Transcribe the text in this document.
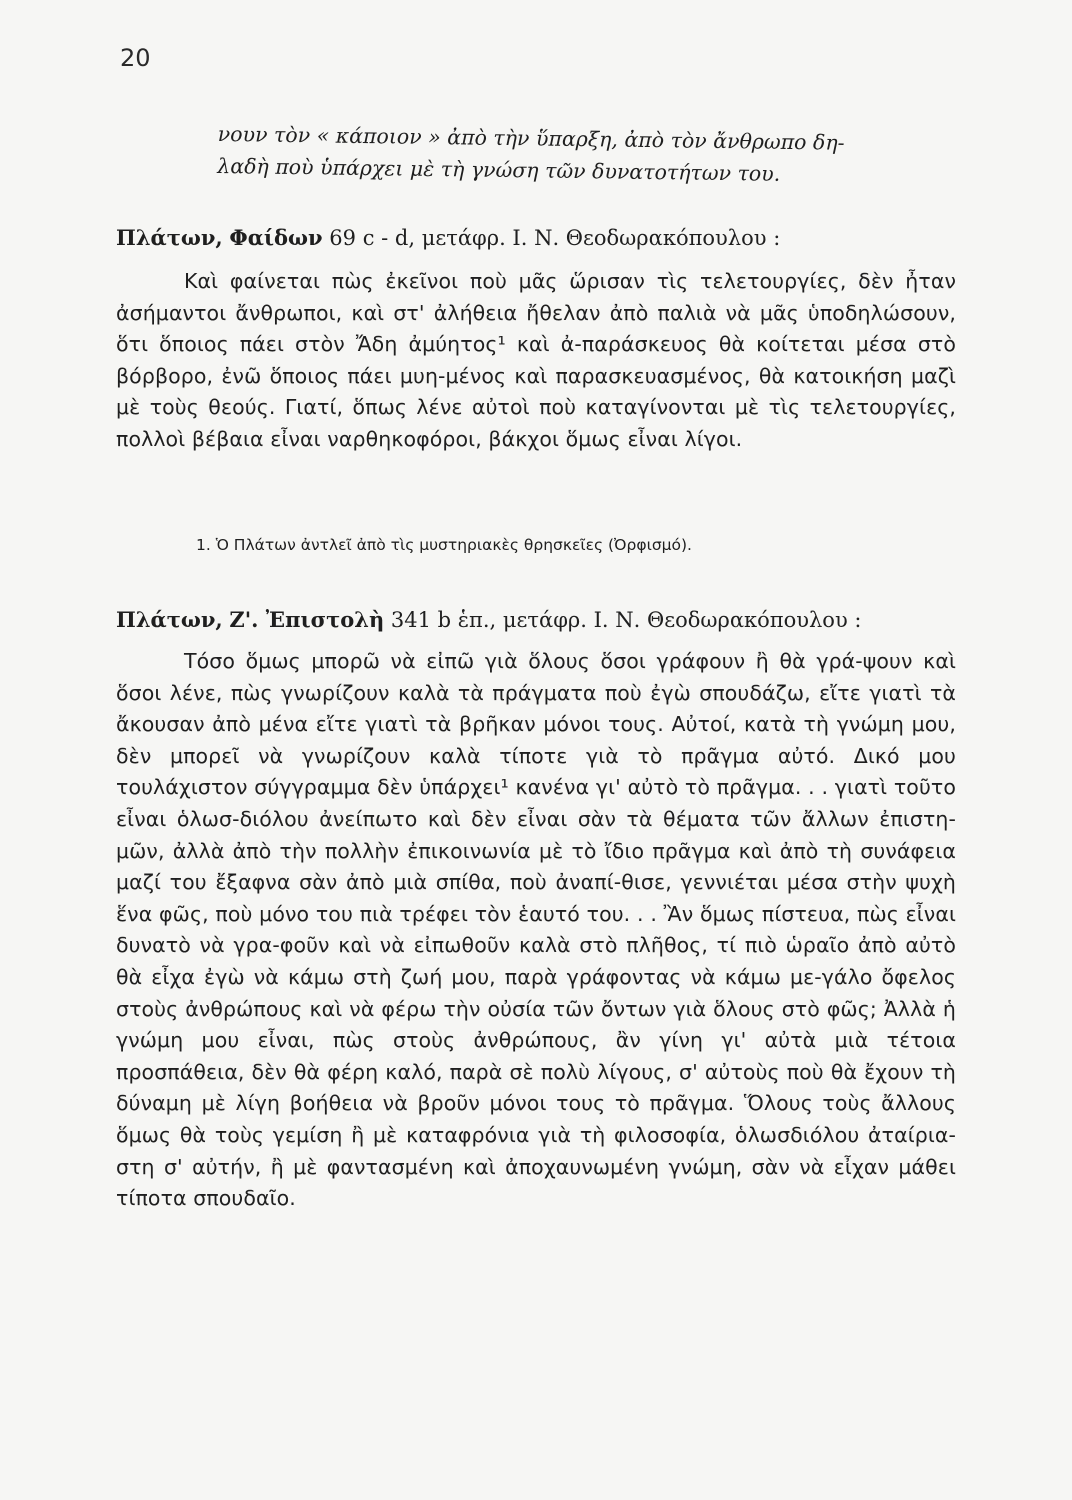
20

νουν τὸν « κάποιον » ἀπὸ τὴν ὕπαρξη, ἀπὸ τὸν ἄνθρωπο δη-

λαδὴ ποὺ ὑπάρχει μὲ τὴ γνώση τῶν δυνατοτήτων του.

Πλάτων, Φαίδων 69 c - d, μετάφρ. Ι. Ν. Θεοδωρακόπουλου :

Καὶ φαίνεται πὼς ἐκεῖνοι ποὺ μᾶς ὥρισαν τὶς τελετουργίες, δὲν ἦταν ἀσήμαντοι ἄνθρωποι, καὶ στ' ἀλήθεια ἤθελαν ἀπὸ παλιὰ νὰ μᾶς ὑποδηλώσουν, ὅτι ὅποιος πάει στὸν Ἄδη ἀμύητος¹ καὶ ἀ-παράσκευος θὰ κοίτεται μέσα στὸ βόρβορο, ἐνῶ ὅποιος πάει μυη-μένος καὶ παρασκευασμένος, θὰ κατοικήση μαζὶ μὲ τοὺς θεούς. Γιατί, ὅπως λένε αὐτοὶ ποὺ καταγίνονται μὲ τὶς τελετουργίες, πολλοὶ βέβαια εἶναι ναρθηκοφόροι, βάκχοι ὅμως εἶναι λίγοι.

1. Ὁ Πλάτων ἀντλεῖ ἀπὸ τὶς μυστηριακὲς θρησκεῖες (Ὀρφισμό).
Πλάτων, Ζ'. Ἐπιστολὴ 341 b ἑπ., μετάφρ. Ι. Ν. Θεοδωρακόπουλου :

Τόσο ὅμως μπορῶ νὰ εἰπῶ γιὰ ὅλους ὅσοι γράφουν ἢ θὰ γρά-ψουν καὶ ὅσοι λένε, πὼς γνωρίζουν καλὰ τὰ πράγματα ποὺ ἐγὼ σπουδάζω, εἴτε γιατὶ τὰ ἄκουσαν ἀπὸ μένα εἴτε γιατὶ τὰ βρῆκαν μόνοι τους. Αὐτοί, κατὰ τὴ γνώμη μου, δὲν μπορεῖ νὰ γνωρίζουν καλὰ τίποτε γιὰ τὸ πρᾶγμα αὐτό. Δικό μου τουλάχιστον σύγγραμμα δὲν ὑπάρχει¹ κανένα γι' αὐτὸ τὸ πρᾶγμα. . . γιατὶ τοῦτο εἶναι ὁλωσ-διόλου ἀνείπωτο καὶ δὲν εἶναι σὰν τὰ θέματα τῶν ἄλλων ἐπιστη-μῶν, ἀλλὰ ἀπὸ τὴν πολλὴν ἐπικοινωνία μὲ τὸ ἴδιο πρᾶγμα καὶ ἀπὸ τὴ συνάφεια μαζί του ἔξαφνα σὰν ἀπὸ μιὰ σπίθα, ποὺ ἀναπί-θισε, γεννιέται μέσα στὴν ψυχὴ ἕνα φῶς, ποὺ μόνο του πιὰ τρέφει τὸν ἑαυτό του. . . Ἂν ὅμως πίστευα, πὼς εἶναι δυνατὸ νὰ γρα-φοῦν καὶ νὰ εἰπωθοῦν καλὰ στὸ πλῆθος, τί πιὸ ὡραῖο ἀπὸ αὐτὸ θὰ εἶχα ἐγὼ νὰ κάμω στὴ ζωή μου, παρὰ γράφοντας νὰ κάμω με-γάλο ὄφελος στοὺς ἀνθρώπους καὶ νὰ φέρω τὴν οὐσία τῶν ὄντων γιὰ ὅλους στὸ φῶς; Ἀλλὰ ἡ γνώμη μου εἶναι, πὼς στοὺς ἀνθρώπους, ἂν γίνη γι' αὐτὰ μιὰ τέτοια προσπάθεια, δὲν θὰ φέρη καλό, παρὰ σὲ πολὺ λίγους, σ' αὐτοὺς ποὺ θὰ ἔχουν τὴ δύναμη μὲ λίγη βοήθεια νὰ βροῦν μόνοι τους τὸ πρᾶγμα. Ὅλους τοὺς ἄλλους ὅμως θὰ τοὺς γεμίση ἢ μὲ καταφρόνια γιὰ τὴ φιλοσοφία, ὁλωσδιόλου ἀταίρια-στη σ' αὐτήν, ἢ μὲ φαντασμένη καὶ ἀποχαυνωμένη γνώμη, σὰν νὰ εἶχαν μάθει τίποτα σπουδαῖο.
